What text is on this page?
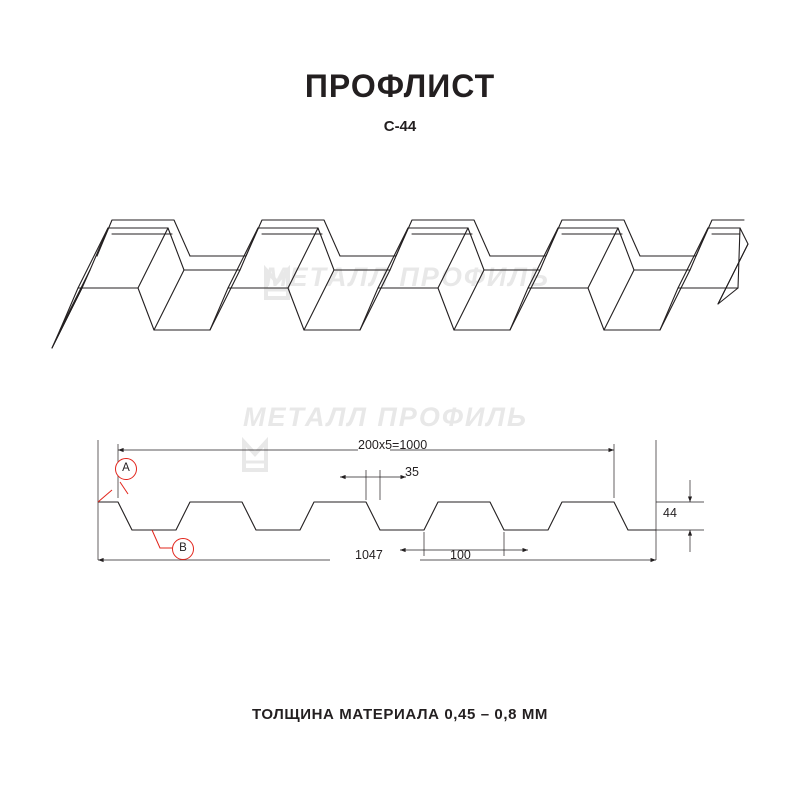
ПРОФЛИСТ
С-44
МЕТАЛЛ ПРОФИЛЬ
МЕТАЛЛ ПРОФИЛЬ
200x5=1000
35
100
1047
44
A
B
ТОЛЩИНА МАТЕРИАЛА 0,45 – 0,8 ММ
